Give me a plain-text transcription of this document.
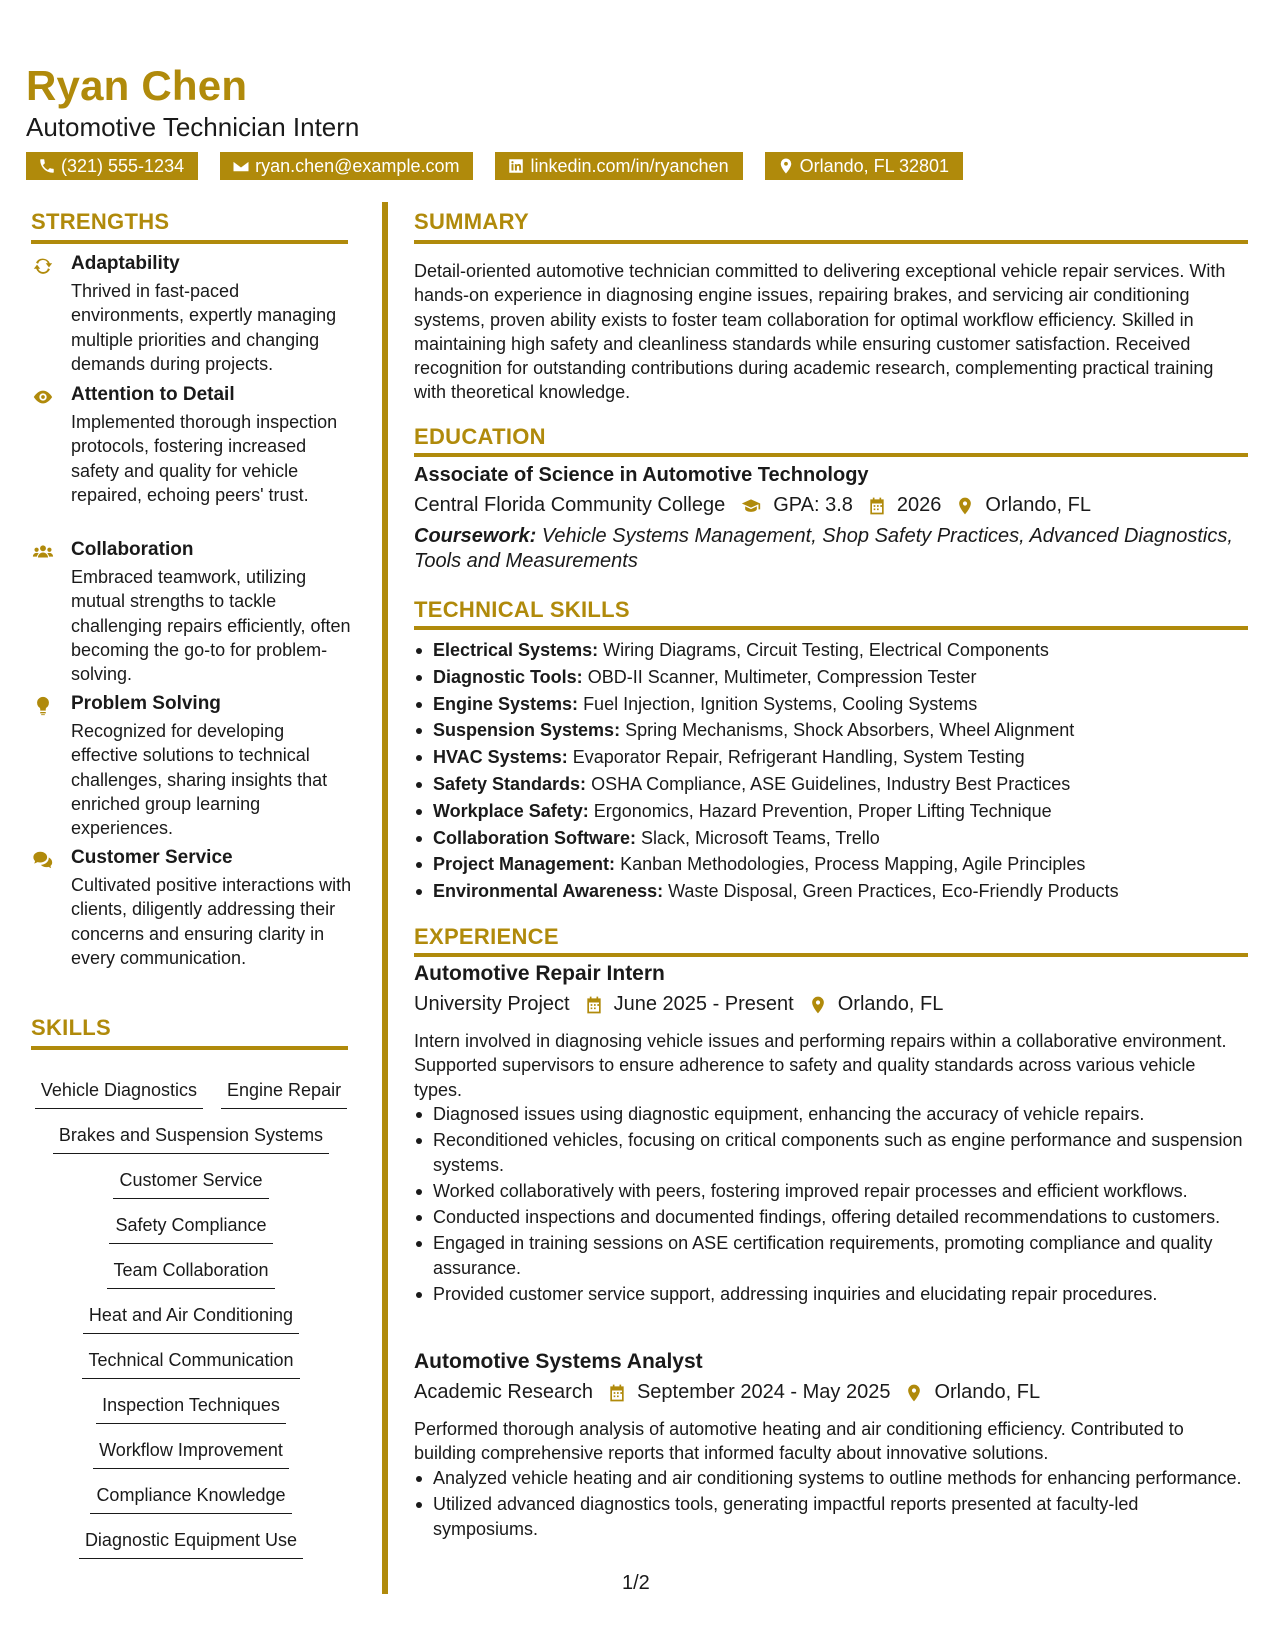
Ryan Chen
Automotive Technician Intern
(321) 555-1234	ryan.chen@example.com	linkedin.com/in/ryanchen	Orlando, FL 32801
STRENGTHS
Adaptability
Thrived in fast-paced environments, expertly managing multiple priorities and changing demands during projects.
Attention to Detail
Implemented thorough inspection protocols, fostering increased safety and quality for vehicle repaired, echoing peers' trust.
Collaboration
Embraced teamwork, utilizing mutual strengths to tackle challenging repairs efficiently, often becoming the go-to for problem-solving.
Problem Solving
Recognized for developing effective solutions to technical challenges, sharing insights that enriched group learning experiences.
Customer Service
Cultivated positive interactions with clients, diligently addressing their concerns and ensuring clarity in every communication.
SKILLS
Vehicle Diagnostics	Engine Repair
Brakes and Suspension Systems
Customer Service
Safety Compliance
Team Collaboration
Heat and Air Conditioning
Technical Communication
Inspection Techniques
Workflow Improvement
Compliance Knowledge
Diagnostic Equipment Use
SUMMARY
Detail-oriented automotive technician committed to delivering exceptional vehicle repair services. With hands-on experience in diagnosing engine issues, repairing brakes, and servicing air conditioning systems, proven ability exists to foster team collaboration for optimal workflow efficiency. Skilled in maintaining high safety and cleanliness standards while ensuring customer satisfaction. Received recognition for outstanding contributions during academic research, complementing practical training with theoretical knowledge.
EDUCATION
Associate of Science in Automotive Technology
Central Florida Community College GPA: 3.8 2026 Orlando, FL
Coursework: Vehicle Systems Management, Shop Safety Practices, Advanced Diagnostics, Tools and Measurements
TECHNICAL SKILLS
Electrical Systems: Wiring Diagrams, Circuit Testing, Electrical Components
Diagnostic Tools: OBD-II Scanner, Multimeter, Compression Tester
Engine Systems: Fuel Injection, Ignition Systems, Cooling Systems
Suspension Systems: Spring Mechanisms, Shock Absorbers, Wheel Alignment
HVAC Systems: Evaporator Repair, Refrigerant Handling, System Testing
Safety Standards: OSHA Compliance, ASE Guidelines, Industry Best Practices
Workplace Safety: Ergonomics, Hazard Prevention, Proper Lifting Technique
Collaboration Software: Slack, Microsoft Teams, Trello
Project Management: Kanban Methodologies, Process Mapping, Agile Principles
Environmental Awareness: Waste Disposal, Green Practices, Eco-Friendly Products
EXPERIENCE
Automotive Repair Intern
University Project June 2025 - Present Orlando, FL
Intern involved in diagnosing vehicle issues and performing repairs within a collaborative environment. Supported supervisors to ensure adherence to safety and quality standards across various vehicle types.
Diagnosed issues using diagnostic equipment, enhancing the accuracy of vehicle repairs.
Reconditioned vehicles, focusing on critical components such as engine performance and suspension systems.
Worked collaboratively with peers, fostering improved repair processes and efficient workflows.
Conducted inspections and documented findings, offering detailed recommendations to customers.
Engaged in training sessions on ASE certification requirements, promoting compliance and quality assurance.
Provided customer service support, addressing inquiries and elucidating repair procedures.
Automotive Systems Analyst
Academic Research September 2024 - May 2025 Orlando, FL
Performed thorough analysis of automotive heating and air conditioning efficiency. Contributed to building comprehensive reports that informed faculty about innovative solutions.
Analyzed vehicle heating and air conditioning systems to outline methods for enhancing performance.
Utilized advanced diagnostics tools, generating impactful reports presented at faculty-led symposiums.
1/2
